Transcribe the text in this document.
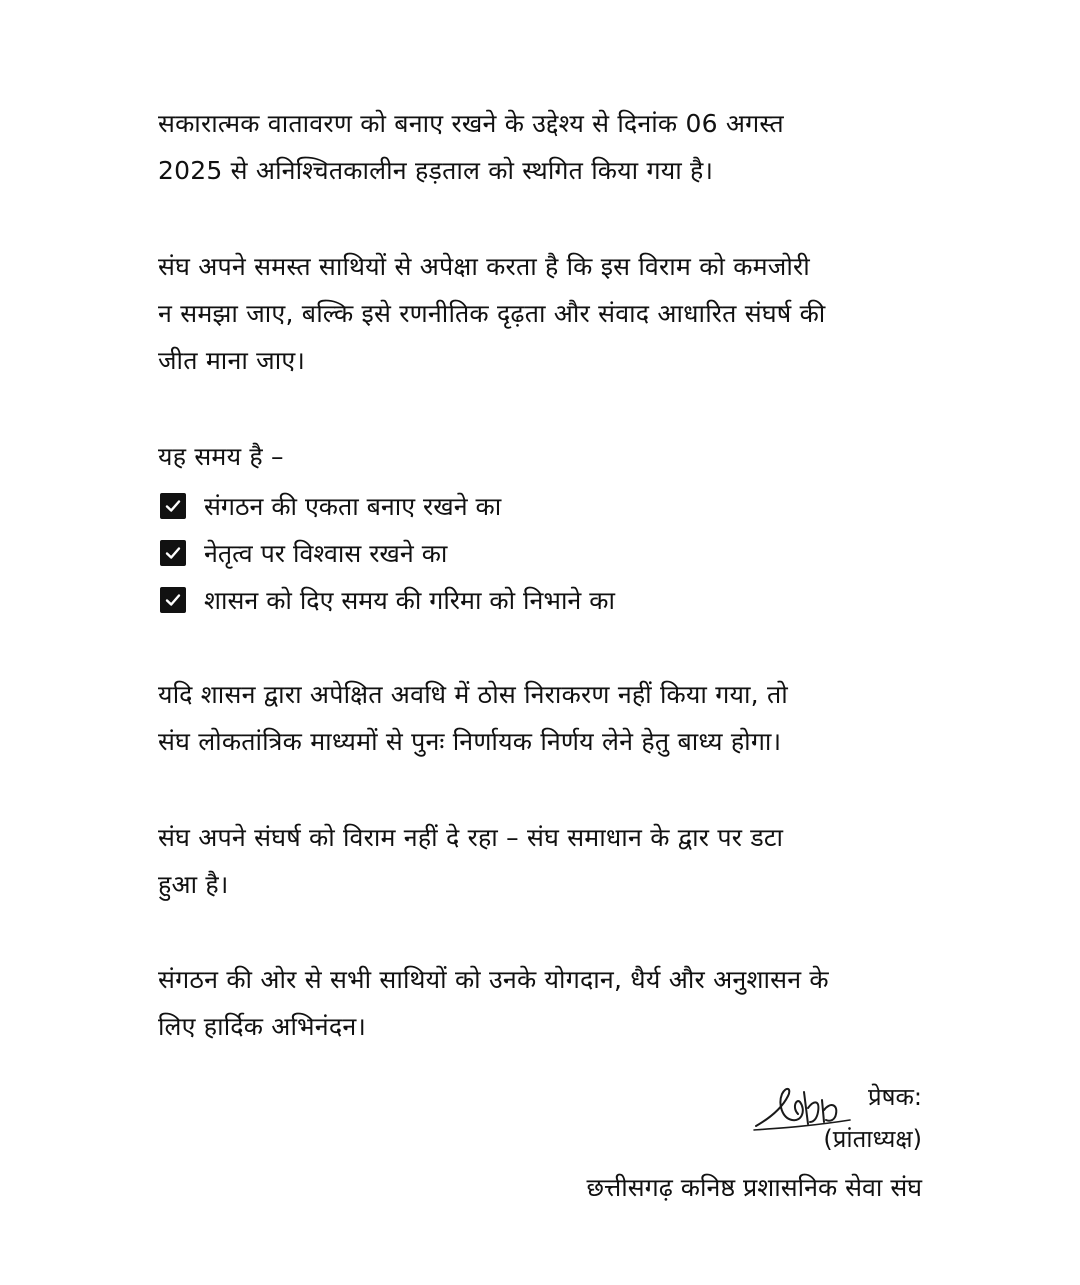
सकारात्मक वातावरण को बनाए रखने के उद्देश्य से दिनांक 06 अगस्त
2025 से अनिश्चितकालीन हड़ताल को स्थगित किया गया है।

संघ अपने समस्त साथियों से अपेक्षा करता है कि इस विराम को कमजोरी
न समझा जाए, बल्कि इसे रणनीतिक दृढ़ता और संवाद आधारित संघर्ष की
जीत माना जाए।

यह समय है –

संगठन की एकता बनाए रखने का
नेतृत्व पर विश्वास रखने का
शासन को दिए समय की गरिमा को निभाने का

यदि शासन द्वारा अपेक्षित अवधि में ठोस निराकरण नहीं किया गया, तो
संघ लोकतांत्रिक माध्यमों से पुनः निर्णायक निर्णय लेने हेतु बाध्य होगा।

संघ अपने संघर्ष को विराम नहीं दे रहा – संघ समाधान के द्वार पर डटा
हुआ है।

संगठन की ओर से सभी साथियों को उनके योगदान, धैर्य और अनुशासन के
लिए हार्दिक अभिनंदन।

प्रेषक:
(प्रांताध्यक्ष)
छत्तीसगढ़ कनिष्ठ प्रशासनिक सेवा संघ
